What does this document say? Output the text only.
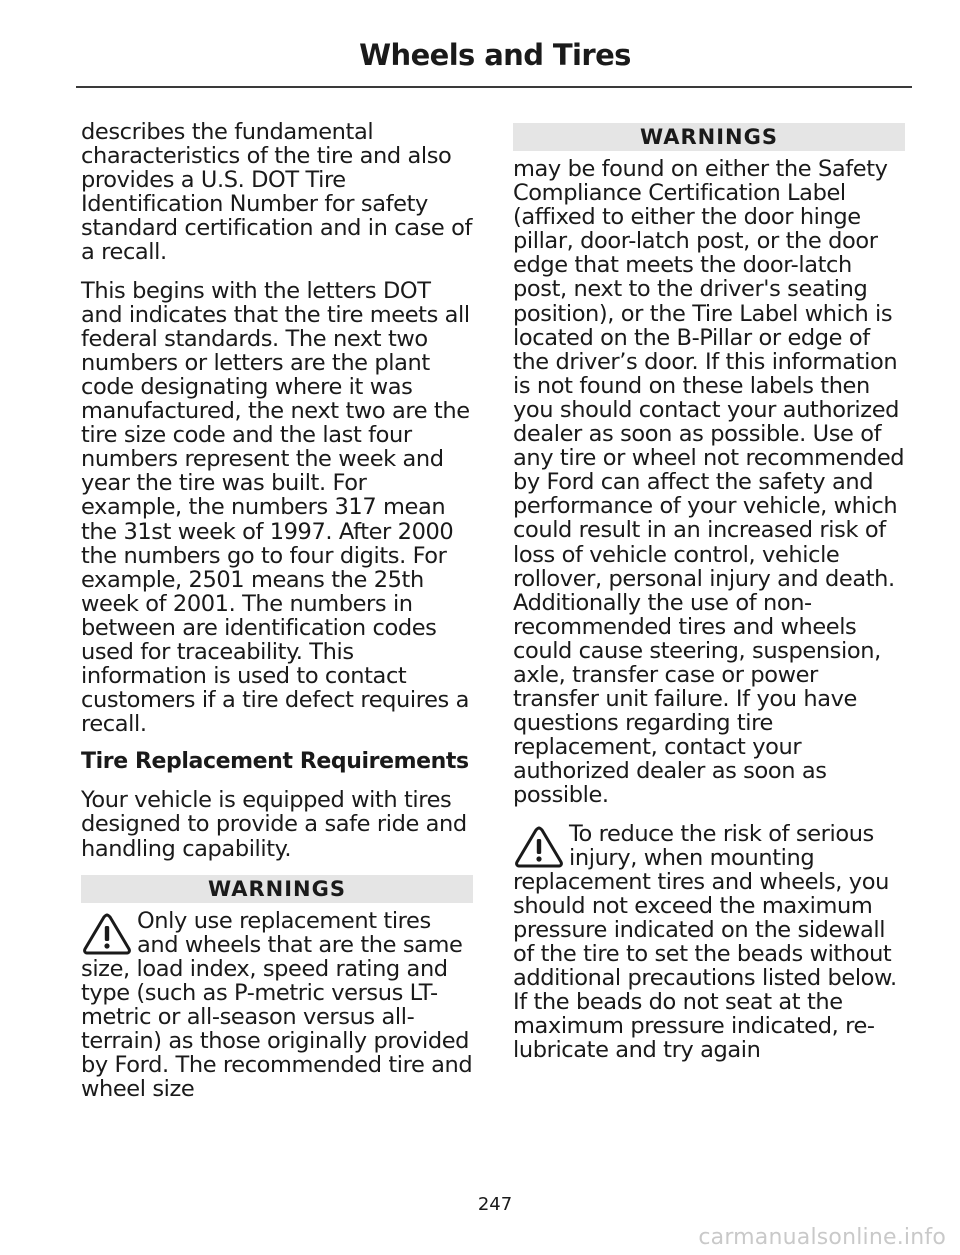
Wheels and Tires

describes the fundamental characteristics of the tire and also provides a U.S. DOT Tire Identification Number for safety standard certification and in case of a recall.

This begins with the letters DOT and indicates that the tire meets all federal standards. The next two numbers or letters are the plant code designating where it was manufactured, the next two are the tire size code and the last four numbers represent the week and year the tire was built. For example, the numbers 317 mean the 31st week of 1997. After 2000 the numbers go to four digits. For example, 2501 means the 25th week of 2001. The numbers in between are identification codes used for traceability. This information is used to contact customers if a tire defect requires a recall.

Tire Replacement Requirements

Your vehicle is equipped with tires designed to provide a safe ride and handling capability.

WARNINGS

Only use replacement tires and wheels that are the same size, load index, speed rating and type (such as P-metric versus LT-metric or all-season versus all-terrain) as those originally provided by Ford. The recommended tire and wheel size

WARNINGS

may be found on either the Safety Compliance Certification Label (affixed to either the door hinge pillar, door-latch post, or the door edge that meets the door-latch post, next to the driver's seating position), or the Tire Label which is located on the B-Pillar or edge of the driver’s door. If this information is not found on these labels then you should contact your authorized dealer as soon as possible. Use of any tire or wheel not recommended by Ford can affect the safety and performance of your vehicle, which could result in an increased risk of loss of vehicle control, vehicle rollover, personal injury and death. Additionally the use of non-recommended tires and wheels could cause steering, suspension, axle, transfer case or power transfer unit failure. If you have questions regarding tire replacement, contact your authorized dealer as soon as possible.

To reduce the risk of serious injury, when mounting replacement tires and wheels, you should not exceed the maximum pressure indicated on the sidewall of the tire to set the beads without additional precautions listed below. If the beads do not seat at the maximum pressure indicated, re-lubricate and try again

247
carmanualsonline.info
